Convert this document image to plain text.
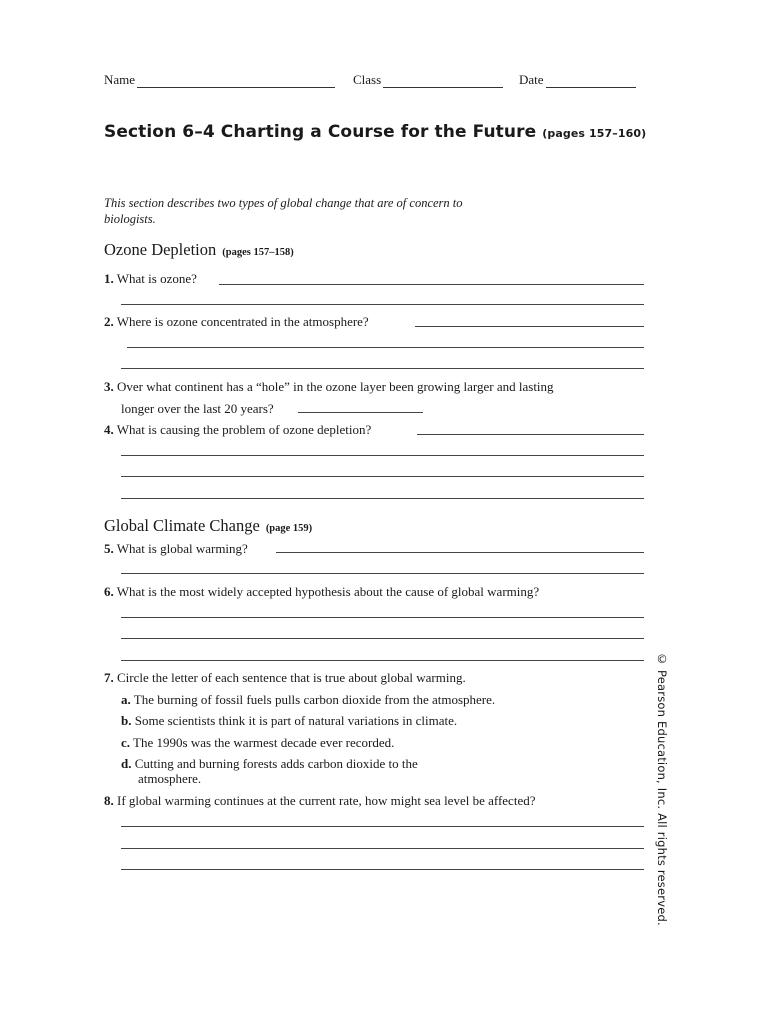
Name	Class	Date
Section 6–4 Charting a Course for the Future (pages 157–160)
This section describes two types of global change that are of concern to biologists.
Ozone Depletion (pages 157–158)
1. What is ozone?
2. Where is ozone concentrated in the atmosphere?
3. Over what continent has a “hole” in the ozone layer been growing larger and lasting
longer over the last 20 years?
4. What is causing the problem of ozone depletion?
Global Climate Change (page 159)
5. What is global warming?
6. What is the most widely accepted hypothesis about the cause of global warming?
7. Circle the letter of each sentence that is true about global warming.
a. The burning of fossil fuels pulls carbon dioxide from the atmosphere.
b. Some scientists think it is part of natural variations in climate.
c. The 1990s was the warmest decade ever recorded.
d. Cutting and burning forests adds carbon dioxide to the
atmosphere.
8. If global warming continues at the current rate, how might sea level be affected?	© Pearson Education, Inc. All rights reserved.
